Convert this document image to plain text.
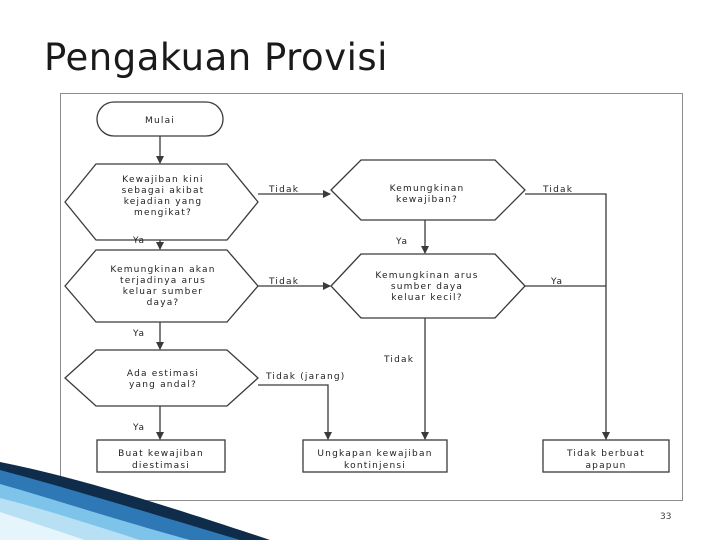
Pengakuan Provisi
Mulai
Kewajiban kini
sebagai akibat
kejadian yang
mengikat?
Kemungkinan
kewajiban?
Kemungkinan akan
terjadinya arus
keluar sumber
daya?
Kemungkinan arus
sumber daya
keluar kecil?
Ada estimasi
yang andal?
Buat kewajiban
diestimasi
Ungkapan kewajiban
kontinjensi
Tidak berbuat
apapun
Ya
Tidak	Tidak
Ya
Tidak	Ya
Ya
Tidak
Tidak (jarang)
Ya
33
